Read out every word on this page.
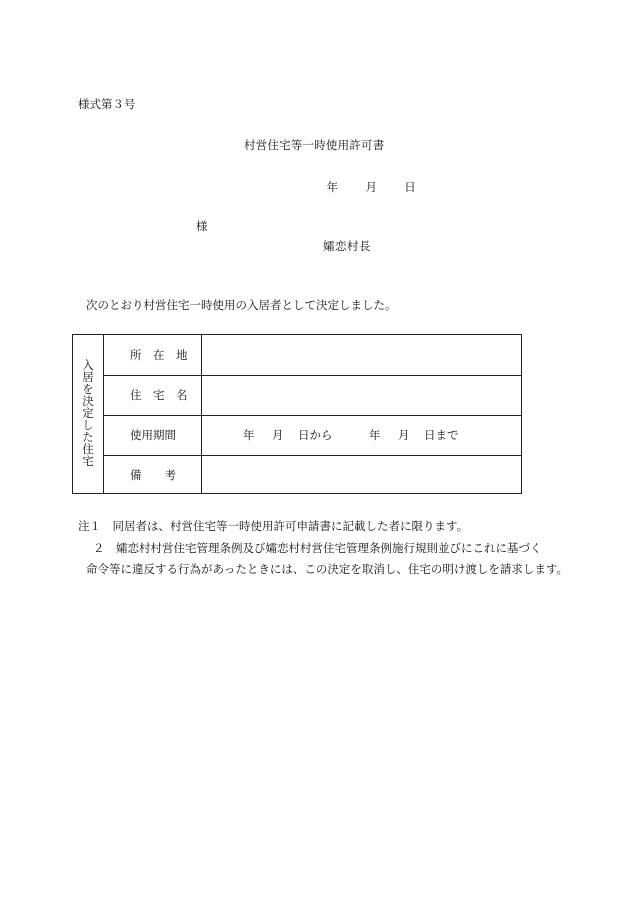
様式第３号
村営住宅等一時使用許可書
年 月 日
様
孀恋村長
次のとおり村営住宅一時使用の入居者として決定しました。
入居を決定した住宅
所　在　地
住　宅　名
使用期間	年 月 日から	年 月 日まで
備　　考
注１　同居者は、村営住宅等一時使用許可申請書に記載した者に限ります。
２　孀恋村村営住宅管理条例及び孀恋村村営住宅管理条例施行規則並びにこれに基づく
命令等に違反する行為があったときには、この決定を取消し、住宅の明け渡しを請求します。
